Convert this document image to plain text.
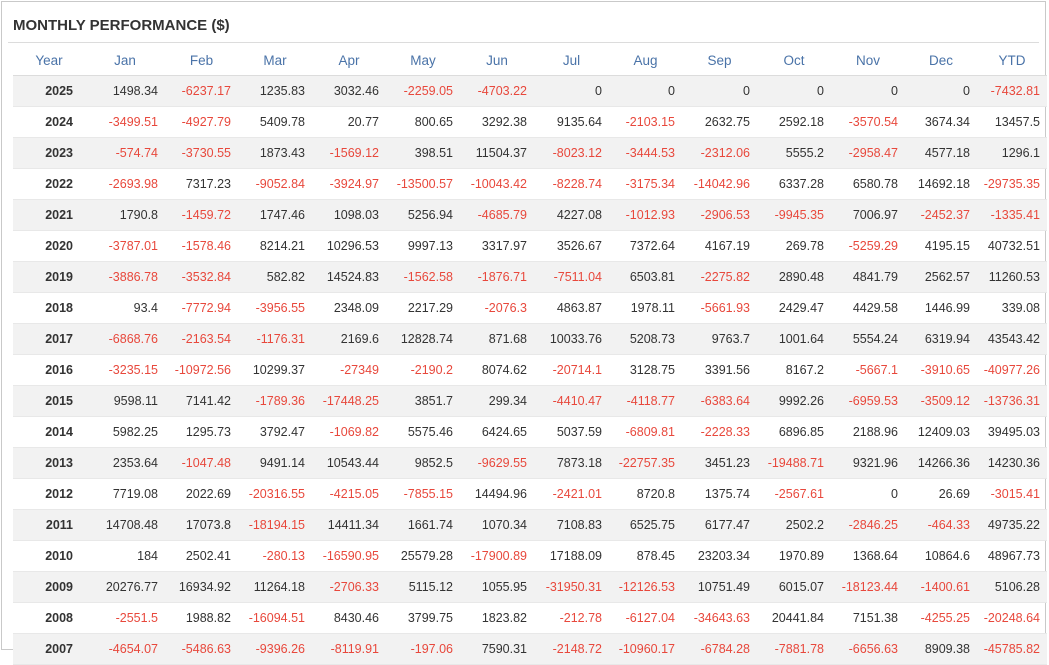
MONTHLY PERFORMANCE ($)
Year	Jan	Feb	Mar	Apr	May	Jun	Jul	Aug	Sep	Oct	Nov	Dec	YTD
2025	1498.34	-6237.17	1235.83	3032.46	-2259.05	-4703.22	0	0	0	0	0	0	-7432.81
2024	-3499.51	-4927.79	5409.78	20.77	800.65	3292.38	9135.64	-2103.15	2632.75	2592.18	-3570.54	3674.34	13457.5
2023	-574.74	-3730.55	1873.43	-1569.12	398.51	11504.37	-8023.12	-3444.53	-2312.06	5555.2	-2958.47	4577.18	1296.1
2022	-2693.98	7317.23	-9052.84	-3924.97	-13500.57	-10043.42	-8228.74	-3175.34	-14042.96	6337.28	6580.78	14692.18	-29735.35
2021	1790.8	-1459.72	1747.46	1098.03	5256.94	-4685.79	4227.08	-1012.93	-2906.53	-9945.35	7006.97	-2452.37	-1335.41
2020	-3787.01	-1578.46	8214.21	10296.53	9997.13	3317.97	3526.67	7372.64	4167.19	269.78	-5259.29	4195.15	40732.51
2019	-3886.78	-3532.84	582.82	14524.83	-1562.58	-1876.71	-7511.04	6503.81	-2275.82	2890.48	4841.79	2562.57	11260.53
2018	93.4	-7772.94	-3956.55	2348.09	2217.29	-2076.3	4863.87	1978.11	-5661.93	2429.47	4429.58	1446.99	339.08
2017	-6868.76	-2163.54	-1176.31	2169.6	12828.74	871.68	10033.76	5208.73	9763.7	1001.64	5554.24	6319.94	43543.42
2016	-3235.15	-10972.56	10299.37	-27349	-2190.2	8074.62	-20714.1	3128.75	3391.56	8167.2	-5667.1	-3910.65	-40977.26
2015	9598.11	7141.42	-1789.36	-17448.25	3851.7	299.34	-4410.47	-4118.77	-6383.64	9992.26	-6959.53	-3509.12	-13736.31
2014	5982.25	1295.73	3792.47	-1069.82	5575.46	6424.65	5037.59	-6809.81	-2228.33	6896.85	2188.96	12409.03	39495.03
2013	2353.64	-1047.48	9491.14	10543.44	9852.5	-9629.55	7873.18	-22757.35	3451.23	-19488.71	9321.96	14266.36	14230.36
2012	7719.08	2022.69	-20316.55	-4215.05	-7855.15	14494.96	-2421.01	8720.8	1375.74	-2567.61	0	26.69	-3015.41
2011	14708.48	17073.8	-18194.15	14411.34	1661.74	1070.34	7108.83	6525.75	6177.47	2502.2	-2846.25	-464.33	49735.22
2010	184	2502.41	-280.13	-16590.95	25579.28	-17900.89	17188.09	878.45	23203.34	1970.89	1368.64	10864.6	48967.73
2009	20276.77	16934.92	11264.18	-2706.33	5115.12	1055.95	-31950.31	-12126.53	10751.49	6015.07	-18123.44	-1400.61	5106.28
2008	-2551.5	1988.82	-16094.51	8430.46	3799.75	1823.82	-212.78	-6127.04	-34643.63	20441.84	7151.38	-4255.25	-20248.64
2007	-4654.07	-5486.63	-9396.26	-8119.91	-197.06	7590.31	-2148.72	-10960.17	-6784.28	-7881.78	-6656.63	8909.38	-45785.82
